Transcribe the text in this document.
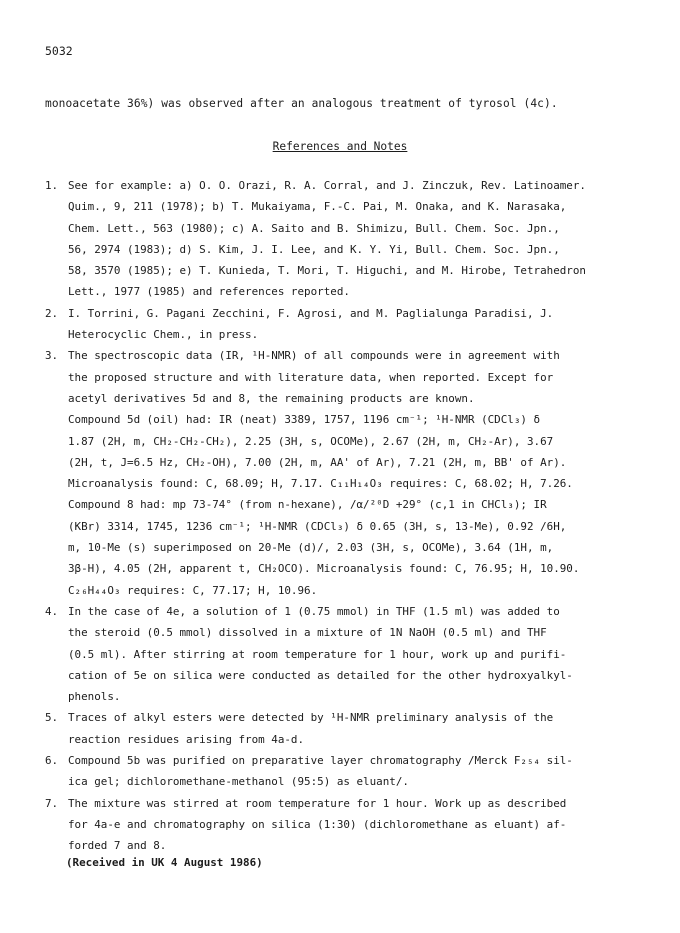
5032
monoacetate 36%) was observed after an analogous treatment of tyrosol (4c).
References and Notes
1. See for example: a) O. O. Orazi, R. A. Corral, and J. Zinczuk, Rev. Latinoamer.
Quim., 9, 211 (1978); b) T. Mukaiyama, F.-C. Pai, M. Onaka, and K. Narasaka,
Chem. Lett., 563 (1980); c) A. Saito and B. Shimizu, Bull. Chem. Soc. Jpn.,
56, 2974 (1983); d) S. Kim, J. I. Lee, and K. Y. Yi, Bull. Chem. Soc. Jpn.,
58, 3570 (1985); e) T. Kunieda, T. Mori, T. Higuchi, and M. Hirobe, Tetrahedron
Lett., 1977 (1985) and references reported.
2. I. Torrini, G. Pagani Zecchini, F. Agrosi, and M. Paglialunga Paradisi, J.
Heterocyclic Chem., in press.
3. The spectroscopic data (IR, ¹H-NMR) of all compounds were in agreement with
the proposed structure and with literature data, when reported. Except for
acetyl derivatives 5d and 8, the remaining products are known.
Compound 5d (oil) had: IR (neat) 3389, 1757, 1196 cm⁻¹; ¹H-NMR (CDCl₃) δ
1.87 (2H, m, CH₂-CH₂-CH₂), 2.25 (3H, s, OCOMe), 2.67 (2H, m, CH₂-Ar), 3.67
(2H, t, J=6.5 Hz, CH₂-OH), 7.00 (2H, m, AA' of Ar), 7.21 (2H, m, BB' of Ar).
Microanalysis found: C, 68.09; H, 7.17. C₁₁H₁₄O₃ requires: C, 68.02; H, 7.26.
Compound 8 had: mp 73-74° (from n-hexane), /α/²⁰D +29° (c,1 in CHCl₃); IR
(KBr) 3314, 1745, 1236 cm⁻¹; ¹H-NMR (CDCl₃) δ 0.65 (3H, s, 13-Me), 0.92 /6H,
m, 10-Me (s) superimposed on 20-Me (d)/, 2.03 (3H, s, OCOMe), 3.64 (1H, m,
3β-H), 4.05 (2H, apparent t, CH₂OCO). Microanalysis found: C, 76.95; H, 10.90.
C₂₆H₄₄O₃ requires: C, 77.17; H, 10.96.
4. In the case of 4e, a solution of 1 (0.75 mmol) in THF (1.5 ml) was added to
the steroid (0.5 mmol) dissolved in a mixture of 1N NaOH (0.5 ml) and THF
(0.5 ml). After stirring at room temperature for 1 hour, work up and purifi-
cation of 5e on silica were conducted as detailed for the other hydroxyalkyl-
phenols.
5. Traces of alkyl esters were detected by ¹H-NMR preliminary analysis of the
reaction residues arising from 4a-d.
6. Compound 5b was purified on preparative layer chromatography /Merck F₂₅₄ sil-
ica gel; dichloromethane-methanol (95:5) as eluant/.
7. The mixture was stirred at room temperature for 1 hour. Work up as described
for 4a-e and chromatography on silica (1:30) (dichloromethane as eluant) af-
forded 7 and 8.
(Received in UK 4 August 1986)
